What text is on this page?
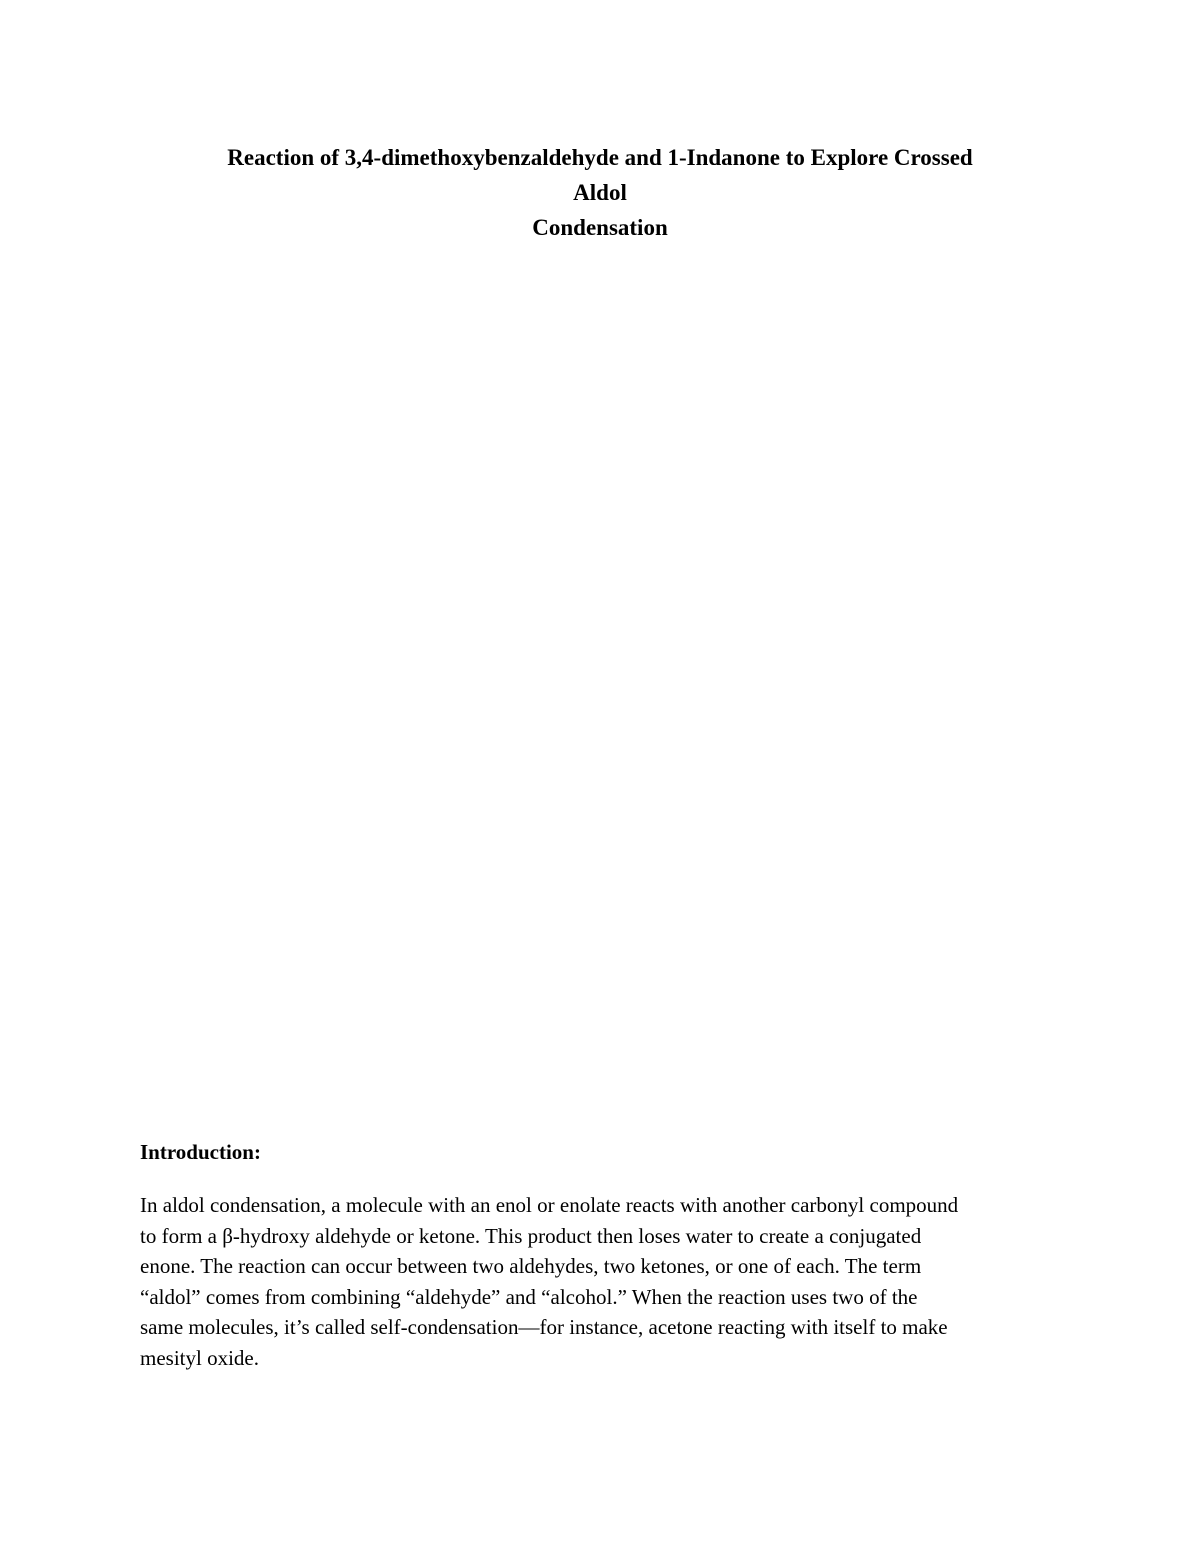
Reaction of 3,4-dimethoxybenzaldehyde and 1-Indanone to Explore Crossed
Aldol
Condensation
Introduction:
In aldol condensation, a molecule with an enol or enolate reacts with another carbonyl compound
to form a β-hydroxy aldehyde or ketone. This product then loses water to create a conjugated
enone. The reaction can occur between two aldehydes, two ketones, or one of each. The term
“aldol” comes from combining “aldehyde” and “alcohol.” When the reaction uses two of the
same molecules, it’s called self-condensation—for instance, acetone reacting with itself to make
mesityl oxide.
